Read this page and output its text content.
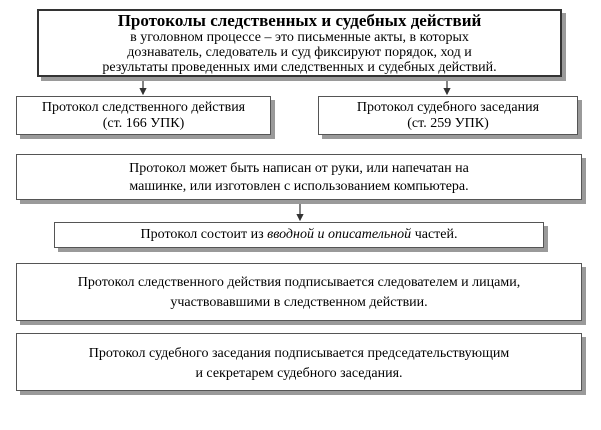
Протоколы следственных и судебных действий
в уголовном процессе – это письменные акты, в которых
дознаватель, следователь и суд фиксируют порядок, ход и
результаты проведенных ими следственных и судебных действий.
Протокол следственного действия
(ст. 166 УПК)
Протокол судебного заседания
(ст. 259 УПК)
Протокол может быть написан от руки, или напечатан на
машинке, или изготовлен с использованием компьютера.
Протокол состоит из вводной и описательной частей.
Протокол следственного действия подписывается следователем и лицами,
участвовавшими в следственном действии.
Протокол судебного заседания подписывается председательствующим
и секретарем судебного заседания.
